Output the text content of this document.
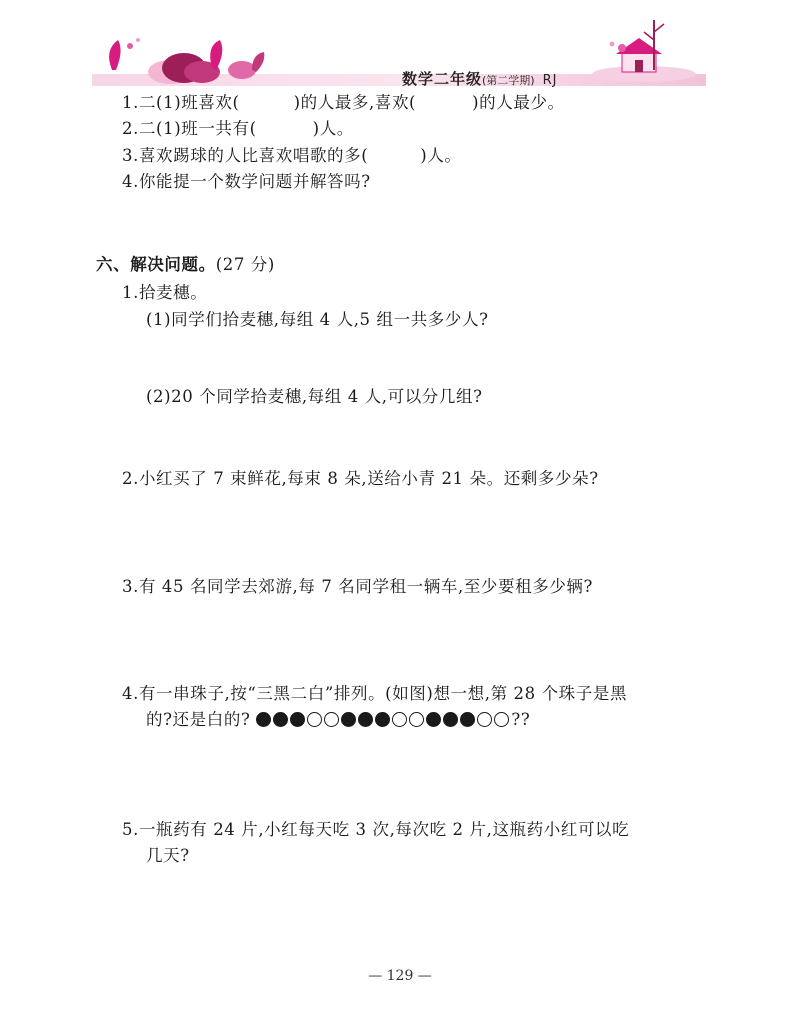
数学二年级(第二学期) RJ
1.二(1)班喜欢(	)的人最多,喜欢(	)的人最少。
2.二(1)班一共有(	)人。
3.喜欢踢球的人比喜欢唱歌的多(	)人。
4.你能提一个数学问题并解答吗?
六、解决问题。(27 分)
1.拾麦穗。
(1)同学们拾麦穗,每组 4 人,5 组一共多少人?
(2)20 个同学拾麦穗,每组 4 人,可以分几组?
2.小红买了 7 束鲜花,每束 8 朵,送给小青 21 朵。还剩多少朵?
3.有 45 名同学去郊游,每 7 名同学租一辆车,至少要租多少辆?
4.有一串珠子,按“三黑二白”排列。(如图)想一想,第 28 个珠子是黑
的?还是白的?	??
5.一瓶药有 24 片,小红每天吃 3 次,每次吃 2 片,这瓶药小红可以吃
几天?
— 129 —
